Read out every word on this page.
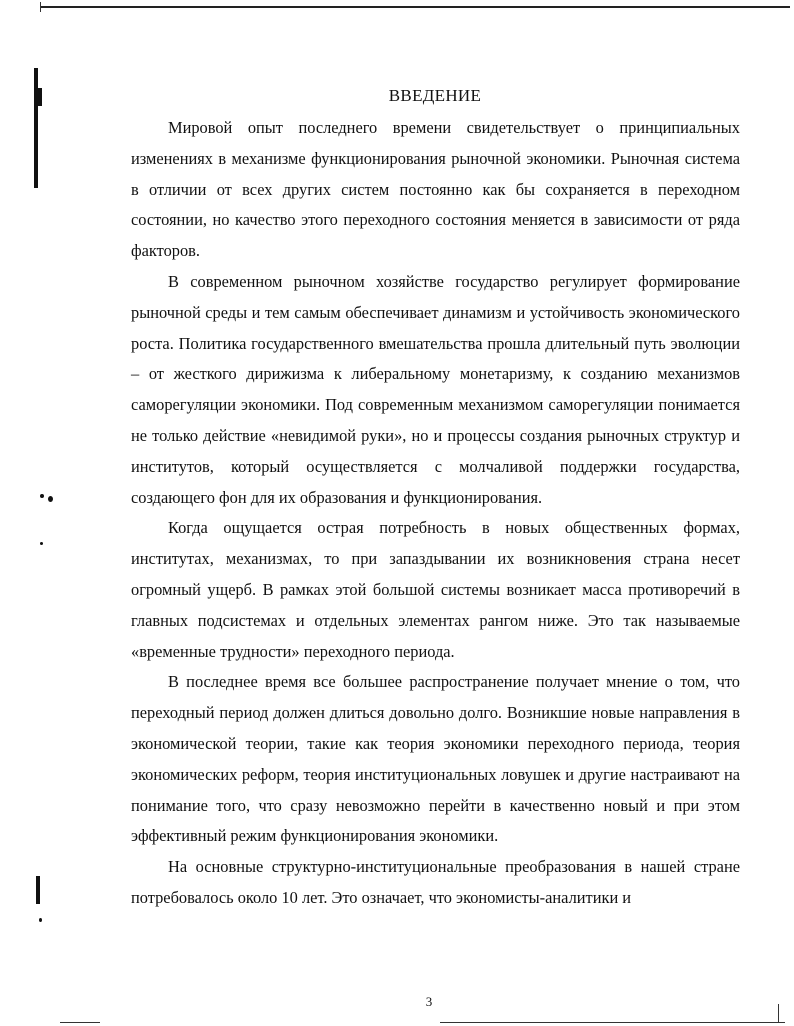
ВВЕДЕНИЕ

Мировой опыт последнего времени свидетельствует о принципиальных изменениях в механизме функционирования рыночной экономики. Рыночная система в отличии от всех других систем постоянно как бы сохраняется в переходном состоянии, но качество этого переходного состояния меняется в зависимости от ряда факторов.

В современном рыночном хозяйстве государство регулирует формирование рыночной среды и тем самым обеспечивает динамизм и устойчивость экономического роста. Политика государственного вмешательства прошла длительный путь эволюции – от жесткого дирижизма к либеральному монетаризму, к созданию механизмов саморегуляции экономики. Под современным механизмом саморегуляции понимается не только действие «невидимой руки», но и процессы создания рыночных структур и институтов, который осуществляется с молчаливой поддержки государства, создающего фон для их образования и функционирования.

Когда ощущается острая потребность в новых общественных формах, институтах, механизмах, то при запаздывании их возникновения страна несет огромный ущерб. В рамках этой большой системы возникает масса противоречий в главных подсистемах и отдельных элементах рангом ниже. Это так называемые «временные трудности» переходного периода.

В последнее время все большее распространение получает мнение о том, что переходный период должен длиться довольно долго. Возникшие новые направления в экономической теории, такие как теория экономики переходного периода, теория экономических реформ, теория институциональных ловушек и другие настраивают на понимание того, что сразу невозможно перейти в качественно новый и при этом эффективный режим функционирования экономики.

На основные структурно-институциональные преобразования в нашей стране потребовалось около 10 лет. Это означает, что экономисты-аналитики и

3
